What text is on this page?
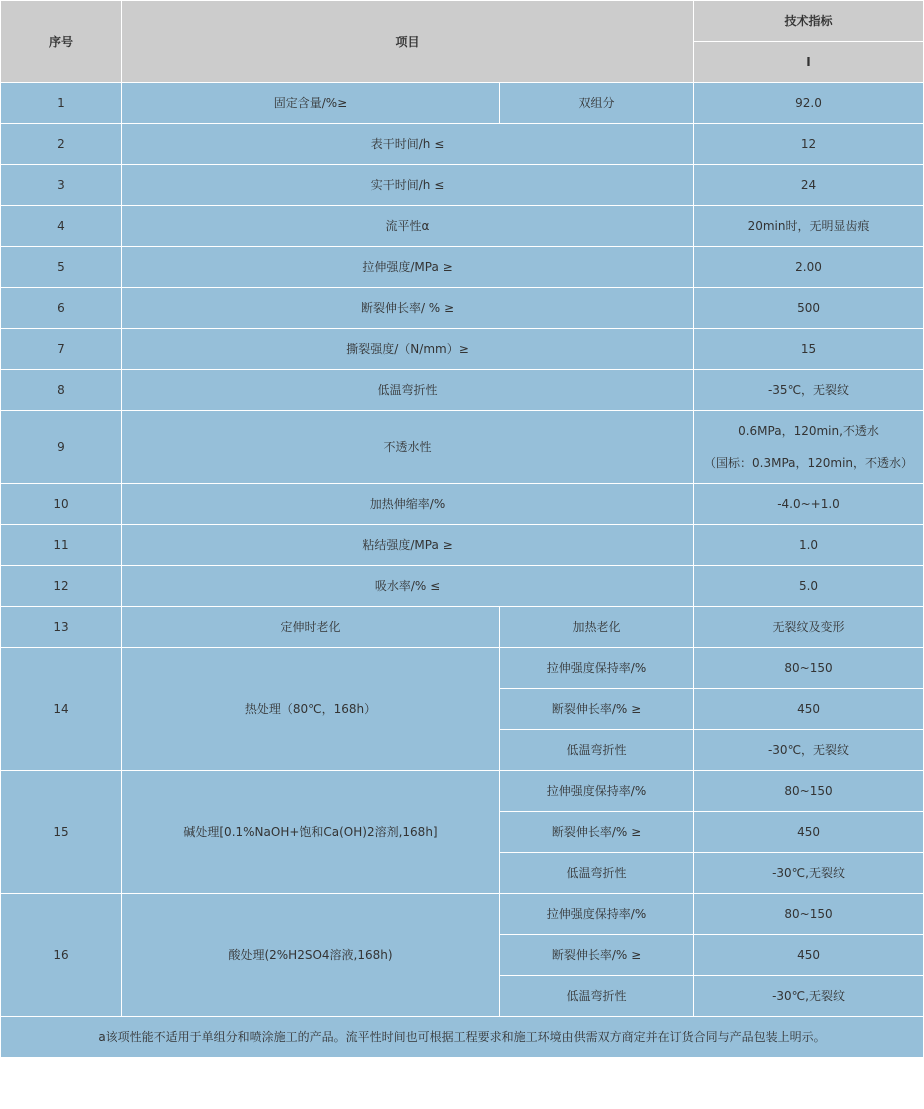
序号	项目		技术指标
			I
1	固定含量/%≥	双组分	92.0
2	表干时间/h ≤		12
3	实干时间/h ≤		24
4	流平性α		20min时，无明显齿痕
5	拉伸强度/MPa ≥		2.00
6	断裂伸长率/ % ≥		500
7	撕裂强度/（N/mm）≥		15
8	低温弯折性		-35℃，无裂纹
9	不透水性		0.6MPa，120min,不透水
（国标：0.3MPa，120min，不透水）

10	加热伸缩率/%		-4.0~+1.0
11	粘结强度/MPa ≥		1.0
12	吸水率/% ≤		5.0
13	定伸时老化	加热老化	无裂纹及变形
14	热处理（80℃，168h）	拉伸强度保持率/%	80~150
		断裂伸长率/% ≥	450
		低温弯折性	-30℃，无裂纹
15	碱处理[0.1%NaOH+饱和Ca(OH)2溶剂,168h]	拉伸强度保持率/%	80~150
		断裂伸长率/% ≥	450
		低温弯折性	-30℃,无裂纹
16	酸处理(2%H2SO4溶液,168h)	拉伸强度保持率/%	80~150
		断裂伸长率/% ≥	450
		低温弯折性	-30℃,无裂纹
a该项性能不适用于单组分和喷涂施工的产品。流平性时间也可根据工程要求和施工环境由供需双方商定并在订货合同与产品包装上明示。			
